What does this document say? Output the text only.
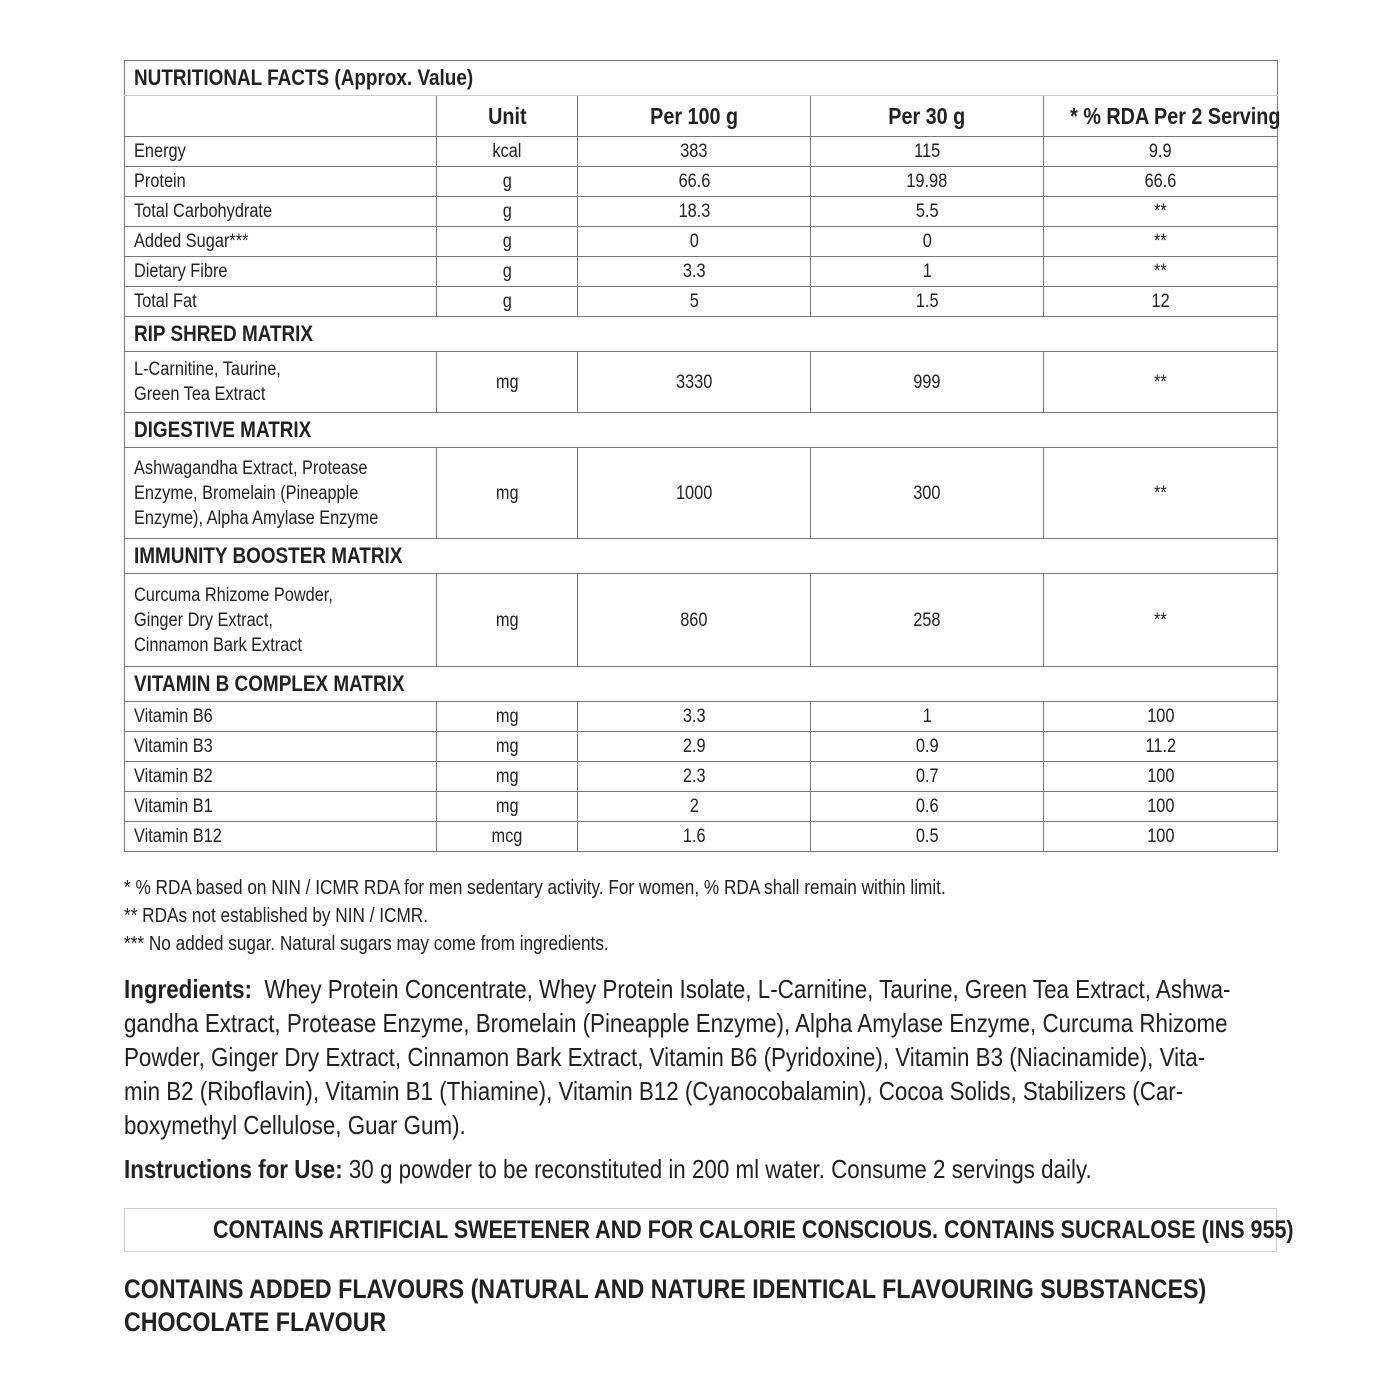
NUTRITIONAL FACTS (Approx. Value)				
	Unit	Per 100 g	Per 30 g	* % RDA Per 2 Serving
Energy	kcal	383	115	9.9
Protein	g	66.6	19.98	66.6
Total Carbohydrate	g	18.3	5.5	**
Added Sugar***	g	0	0	**
Dietary Fibre	g	3.3	1	**
Total Fat	g	5	1.5	12
RIP SHRED MATRIX				
L-Carnitine, Taurine,
Green Tea Extract	mg	3330	999	**
DIGESTIVE MATRIX				
Ashwagandha Extract, Protease
Enzyme, Bromelain (Pineapple
Enzyme), Alpha Amylase Enzyme	mg	1000	300	**
IMMUNITY BOOSTER MATRIX				
Curcuma Rhizome Powder,
Ginger Dry Extract,
Cinnamon Bark Extract	mg	860	258	**
VITAMIN B COMPLEX MATRIX				
Vitamin B6	mg	3.3	1	100
Vitamin B3	mg	2.9	0.9	11.2
Vitamin B2	mg	2.3	0.7	100
Vitamin B1	mg	2	0.6	100
Vitamin B12	mcg	1.6	0.5	100
* % RDA based on NIN / ICMR RDA for men sedentary activity. For women, % RDA shall remain within limit.
** RDAs not established by NIN / ICMR.
*** No added sugar. Natural sugars may come from ingredients.
Ingredients: Whey Protein Concentrate, Whey Protein Isolate, L-Carnitine, Taurine, Green Tea Extract, Ashwa-
gandha Extract, Protease Enzyme, Bromelain (Pineapple Enzyme), Alpha Amylase Enzyme, Curcuma Rhizome
Powder, Ginger Dry Extract, Cinnamon Bark Extract, Vitamin B6 (Pyridoxine), Vitamin B3 (Niacinamide), Vita-
min B2 (Riboflavin), Vitamin B1 (Thiamine), Vitamin B12 (Cyanocobalamin), Cocoa Solids, Stabilizers (Car-
boxymethyl Cellulose, Guar Gum).
Instructions for Use: 30 g powder to be reconstituted in 200 ml water. Consume 2 servings daily.
CONTAINS ARTIFICIAL SWEETENER AND FOR CALORIE CONSCIOUS. CONTAINS SUCRALOSE (INS 955)
CONTAINS ADDED FLAVOURS (NATURAL AND NATURE IDENTICAL FLAVOURING SUBSTANCES)
CHOCOLATE FLAVOUR
